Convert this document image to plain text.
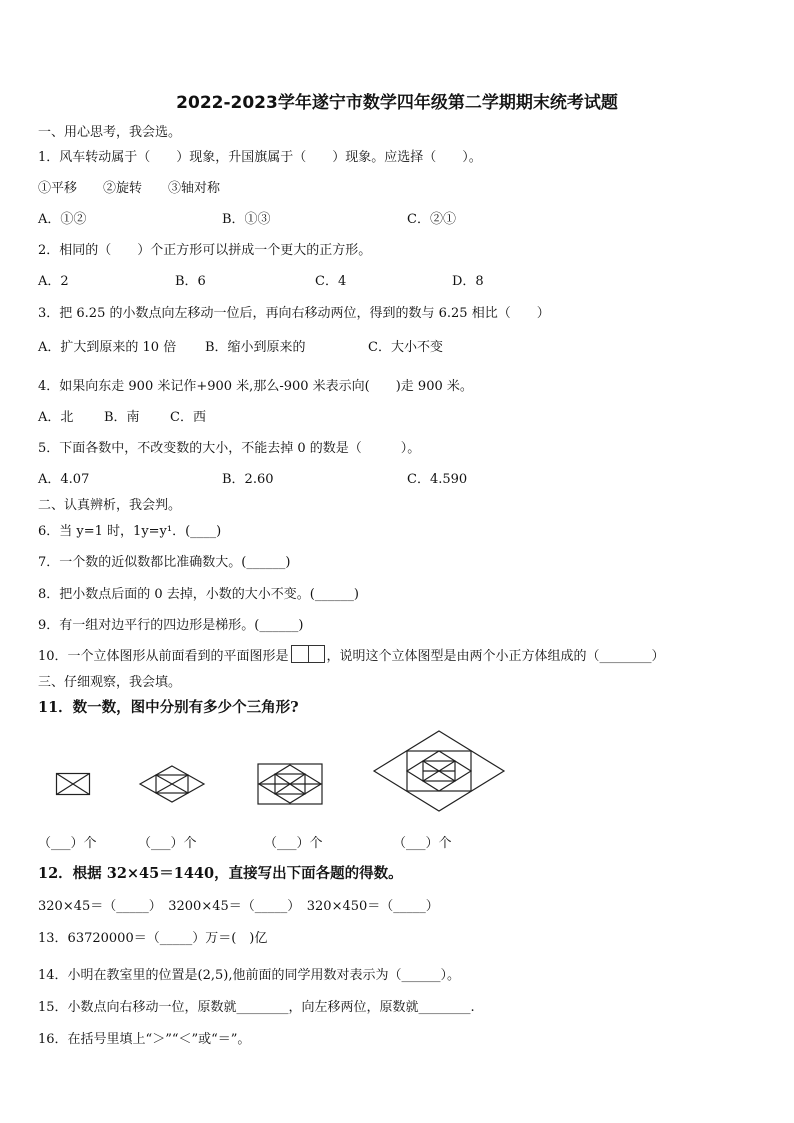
2022-2023学年遂宁市数学四年级第二学期期末统考试题
一、用心思考，我会选。
1．风车转动属于（　　）现象，升国旗属于（　　）现象。应选择（　　）。
①平移　　②旋转　　③轴对称
A．①②	B．①③	C．②①
2．相同的（　　）个正方形可以拼成一个更大的正方形。
A．2	B．6	C．4	D．8
3．把 6.25 的小数点向左移动一位后，再向右移动两位，得到的数与 6.25 相比（　　）
A．扩大到原来的 10 倍 B．缩小到原来的	C．大小不变
4．如果向东走 900 米记作+900 米,那么-900 米表示向(　　)走 900 米。
A．北 B．南 C．西
5．下面各数中，不改变数的大小，不能去掉 0 的数是（　　　）。
A．4.07	B．2.60	C．4.590
二、认真辨析，我会判。
6．当 y=1 时，1y=y¹．(____)
7．一个数的近似数都比准确数大。(______)
8．把小数点后面的 0 去掉，小数的大小不变。(______)
9．有一组对边平行的四边形是梯形。(______)
10．一个立体图形从前面看到的平面图形是	，说明这个立体图型是由两个小正方体组成的（________）
三、仔细观察，我会填。
11．数一数，图中分别有多少个三角形?
（___）个	（___）个	（___）个	（___）个
12．根据 32×45＝1440，直接写出下面各题的得数。
320×45＝（_____）　3200×45＝（_____）　320×450＝（_____）
13．63720000＝（_____）万＝(　)亿
14．小明在教室里的位置是(2,5),他前面的同学用数对表示为（______）。
15．小数点向右移动一位，原数就________，向左移两位，原数就________.
16．在括号里填上“＞”“＜”或“＝”。
